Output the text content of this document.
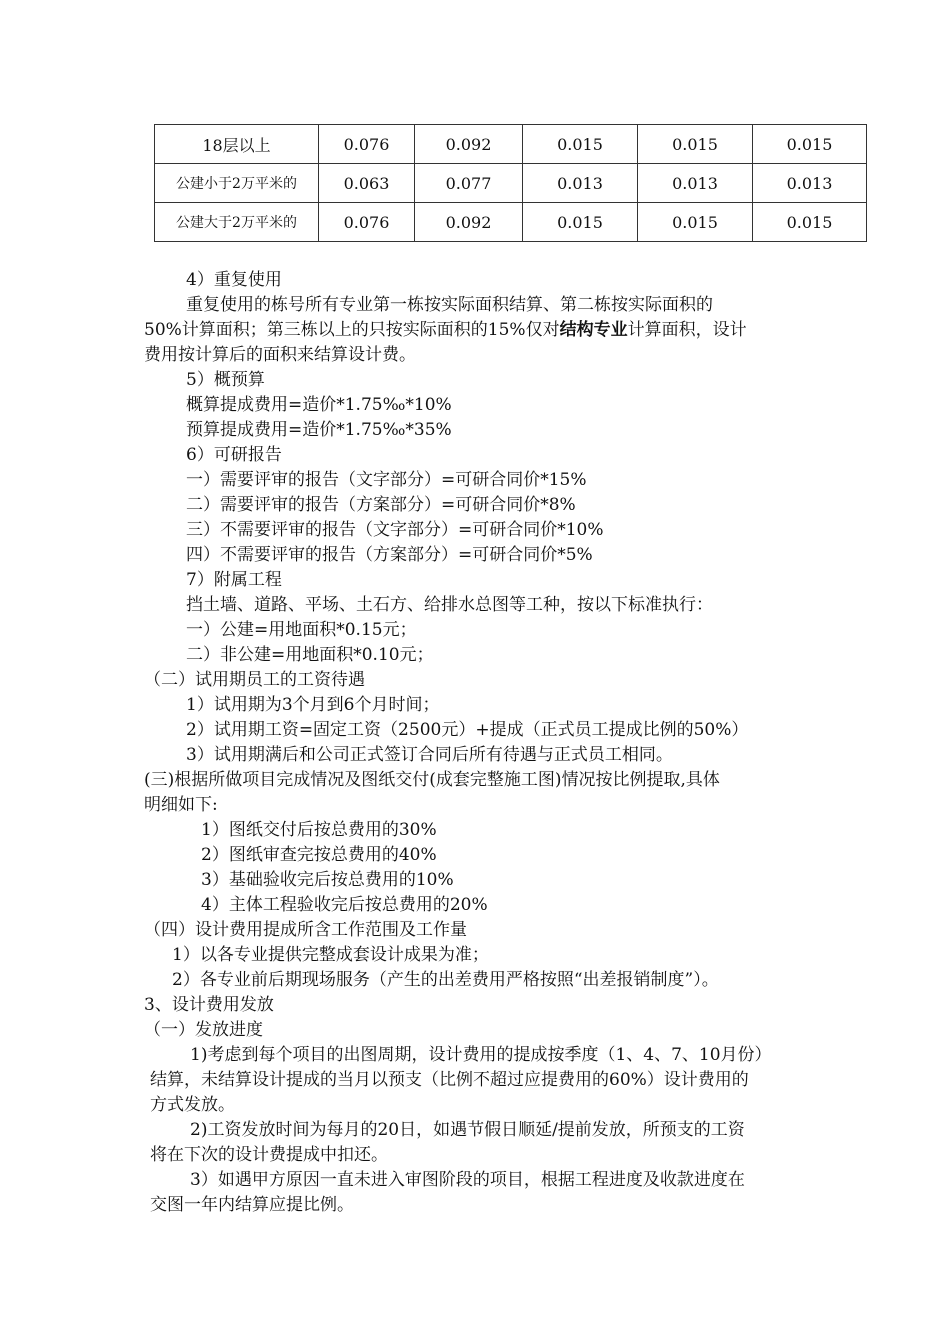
18层以上	0.076	0.092	0.015	0.015	0.015
公建小于2万平米的	0.063	0.077	0.013	0.013	0.013
公建大于2万平米的	0.076	0.092	0.015	0.015	0.015
4）重复使用
重复使用的栋号所有专业第一栋按实际面积结算、第二栋按实际面积的
50%计算面积；第三栋以上的只按实际面积的15%仅对结构专业计算面积，设计
费用按计算后的面积来结算设计费。
5）概预算
概算提成费用=造价*1.75‰*10%
预算提成费用=造价*1.75‰*35%
6）可研报告
一）需要评审的报告（文字部分）=可研合同价*15%
二）需要评审的报告（方案部分）=可研合同价*8%
三）不需要评审的报告（文字部分）=可研合同价*10%
四）不需要评审的报告（方案部分）=可研合同价*5%
7）附属工程
挡土墙、道路、平场、土石方、给排水总图等工种，按以下标准执行：
一）公建=用地面积*0.15元；
二）非公建=用地面积*0.10元；
（二）试用期员工的工资待遇
1）试用期为3个月到6个月时间；
2）试用期工资=固定工资（2500元）+提成（正式员工提成比例的50%）
3）试用期满后和公司正式签订合同后所有待遇与正式员工相同。
(三)根据所做项目完成情况及图纸交付(成套完整施工图)情况按比例提取,具体
明细如下:
1）图纸交付后按总费用的30%
2）图纸审查完按总费用的40%
3）基础验收完后按总费用的10%
4）主体工程验收完后按总费用的20%
（四）设计费用提成所含工作范围及工作量
1）以各专业提供完整成套设计成果为准；
2）各专业前后期现场服务（产生的出差费用严格按照“出差报销制度”）。
3、设计费用发放
（一）发放进度
1)考虑到每个项目的出图周期，设计费用的提成按季度（1、4、7、10月份）
结算，未结算设计提成的当月以预支（比例不超过应提费用的60%）设计费用的
方式发放。
2)工资发放时间为每月的20日，如遇节假日顺延/提前发放，所预支的工资
将在下次的设计费提成中扣还。
3）如遇甲方原因一直未进入审图阶段的项目，根据工程进度及收款进度在
交图一年内结算应提比例。
